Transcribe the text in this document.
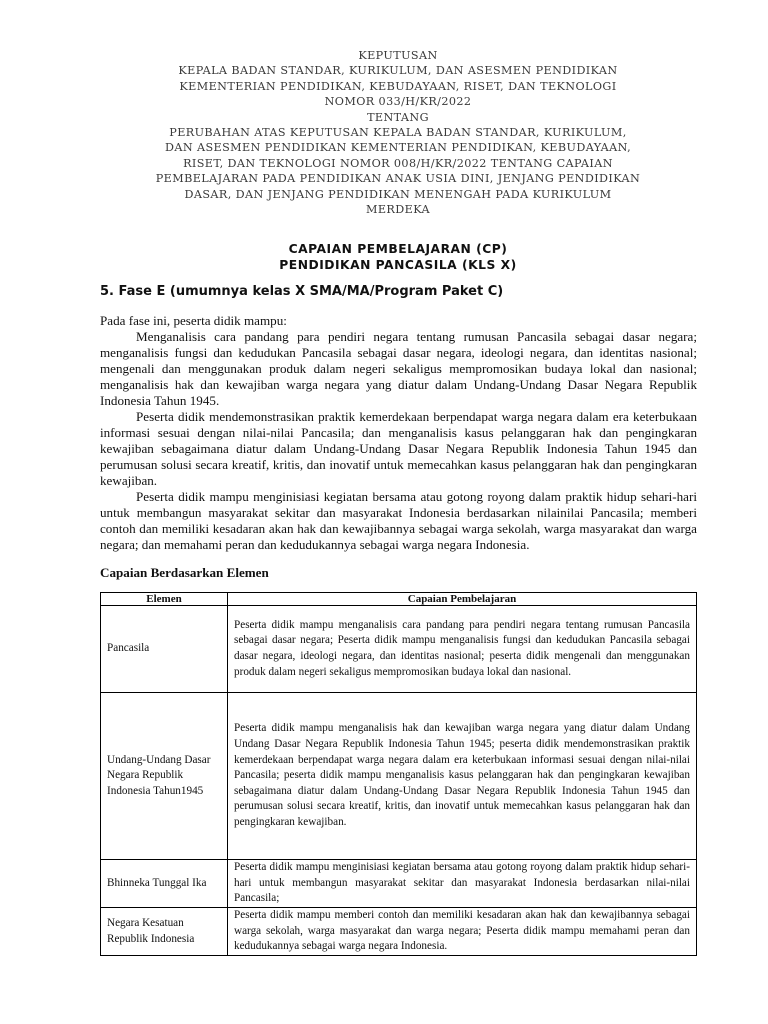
KEPUTUSAN
KEPALA BADAN STANDAR, KURIKULUM, DAN ASESMEN PENDIDIKAN
KEMENTERIAN PENDIDIKAN, KEBUDAYAAN, RISET, DAN TEKNOLOGI
NOMOR 033/H/KR/2022
TENTANG
PERUBAHAN ATAS KEPUTUSAN KEPALA BADAN STANDAR, KURIKULUM,
DAN ASESMEN PENDIDIKAN KEMENTERIAN PENDIDIKAN, KEBUDAYAAN,
RISET, DAN TEKNOLOGI NOMOR 008/H/KR/2022 TENTANG CAPAIAN
PEMBELAJARAN PADA PENDIDIKAN ANAK USIA DINI, JENJANG PENDIDIKAN
DASAR, DAN JENJANG PENDIDIKAN MENENGAH PADA KURIKULUM
MERDEKA
CAPAIAN PEMBELAJARAN (CP)
PENDIDIKAN PANCASILA (KLS X)
5. Fase E (umumnya kelas X SMA/MA/Program Paket C)

Pada fase ini, peserta didik mampu:

Menganalisis cara pandang para pendiri negara tentang rumusan Pancasila sebagai dasar negara; menganalisis fungsi dan kedudukan Pancasila sebagai dasar negara, ideologi negara, dan identitas nasional; mengenali dan menggunakan produk dalam negeri sekaligus mempromosikan budaya lokal dan nasional; menganalisis hak dan kewajiban warga negara yang diatur dalam Undang-Undang Dasar Negara Republik Indonesia Tahun 1945.

Peserta didik mendemonstrasikan praktik kemerdekaan berpendapat warga negara dalam era keterbukaan informasi sesuai dengan nilai-nilai Pancasila; dan menganalisis kasus pelanggaran hak dan pengingkaran kewajiban sebagaimana diatur dalam Undang-Undang Dasar Negara Republik Indonesia Tahun 1945 dan perumusan solusi secara kreatif, kritis, dan inovatif untuk memecahkan kasus pelanggaran hak dan pengingkaran kewajiban.

Peserta didik mampu menginisiasi kegiatan bersama atau gotong royong dalam praktik hidup sehari-hari untuk membangun masyarakat sekitar dan masyarakat Indonesia berdasarkan nilainilai Pancasila; memberi contoh dan memiliki kesadaran akan hak dan kewajibannya sebagai warga sekolah, warga masyarakat dan warga negara; dan memahami peran dan kedudukannya sebagai warga negara Indonesia.

Capaian Berdasarkan Elemen
Elemen	Capaian Pembelajaran
Pancasila	Peserta didik mampu menganalisis cara pandang para pendiri negara tentang rumusan Pancasila sebagai dasar negara; Peserta didik mampu menganalisis fungsi dan kedudukan Pancasila sebagai dasar negara, ideologi negara, dan identitas nasional; peserta didik mengenali dan menggunakan produk dalam negeri sekaligus mempromosikan budaya lokal dan nasional.
Undang-Undang Dasar Negara Republik Indonesia Tahun1945	Peserta didik mampu menganalisis hak dan kewajiban warga negara yang diatur dalam Undang Undang Dasar Negara Republik Indonesia Tahun 1945; peserta didik mendemonstrasikan praktik kemerdekaan berpendapat warga negara dalam era keterbukaan informasi sesuai dengan nilai-nilai Pancasila; peserta didik mampu menganalisis kasus pelanggaran hak dan pengingkaran kewajiban sebagaimana diatur dalam Undang-Undang Dasar Negara Republik Indonesia Tahun 1945 dan perumusan solusi secara kreatif, kritis, dan inovatif untuk memecahkan kasus pelanggaran hak dan pengingkaran kewajiban.
Bhinneka Tunggal Ika	Peserta didik mampu menginisiasi kegiatan bersama atau gotong royong dalam praktik hidup sehari-hari untuk membangun masyarakat sekitar dan masyarakat Indonesia berdasarkan nilai-nilai Pancasila;
Negara Kesatuan Republik Indonesia	Peserta didik mampu memberi contoh dan memiliki kesadaran akan hak dan kewajibannya sebagai warga sekolah, warga masyarakat dan warga negara; Peserta didik mampu memahami peran dan kedudukannya sebagai warga negara Indonesia.
